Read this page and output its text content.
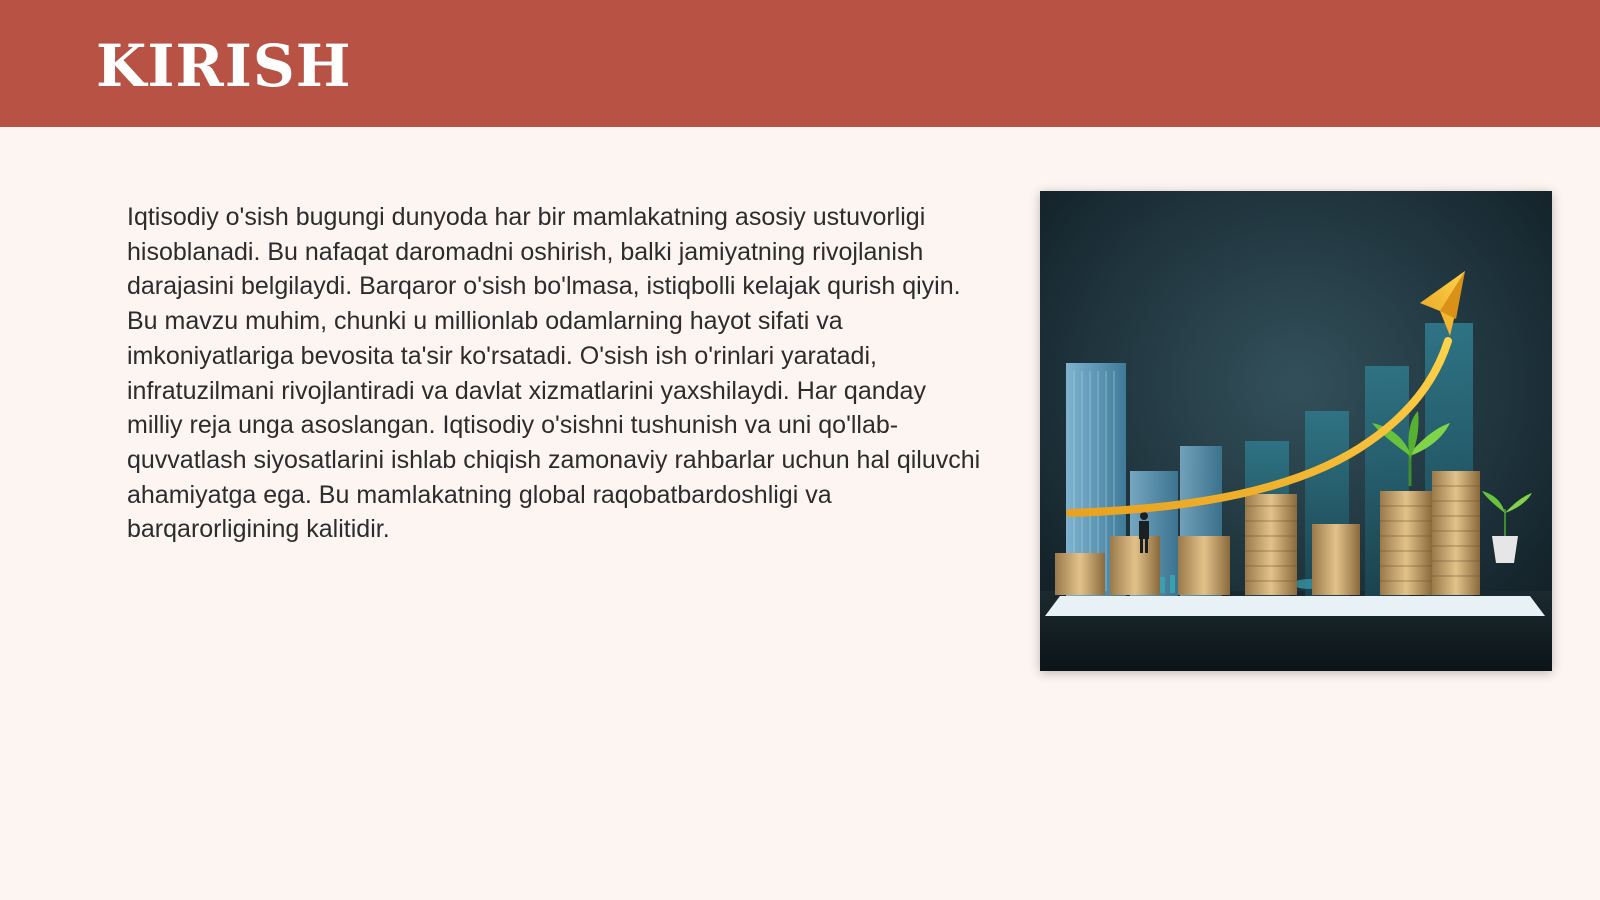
KIRISH

Iqtisodiy o'sish bugungi dunyoda har bir mamlakatning asosiy ustuvorligi hisoblanadi. Bu nafaqat daromadni oshirish, balki jamiyatning rivojlanish darajasini belgilaydi. Barqaror o'sish bo'lmasa, istiqbolli kelajak qurish qiyin. Bu mavzu muhim, chunki u millionlab odamlarning hayot sifati va imkoniyatlariga bevosita ta'sir ko'rsatadi. O'sish ish o'rinlari yaratadi, infratuzilmani rivojlantiradi va davlat xizmatlarini yaxshilaydi. Har qanday milliy reja unga asoslangan. Iqtisodiy o'sishni tushunish va uni qo'llab-quvvatlash siyosatlarini ishlab chiqish zamonaviy rahbarlar uchun hal qiluvchi ahamiyatga ega. Bu mamlakatning global raqobatbardoshligi va barqarorligining kalitidir.
